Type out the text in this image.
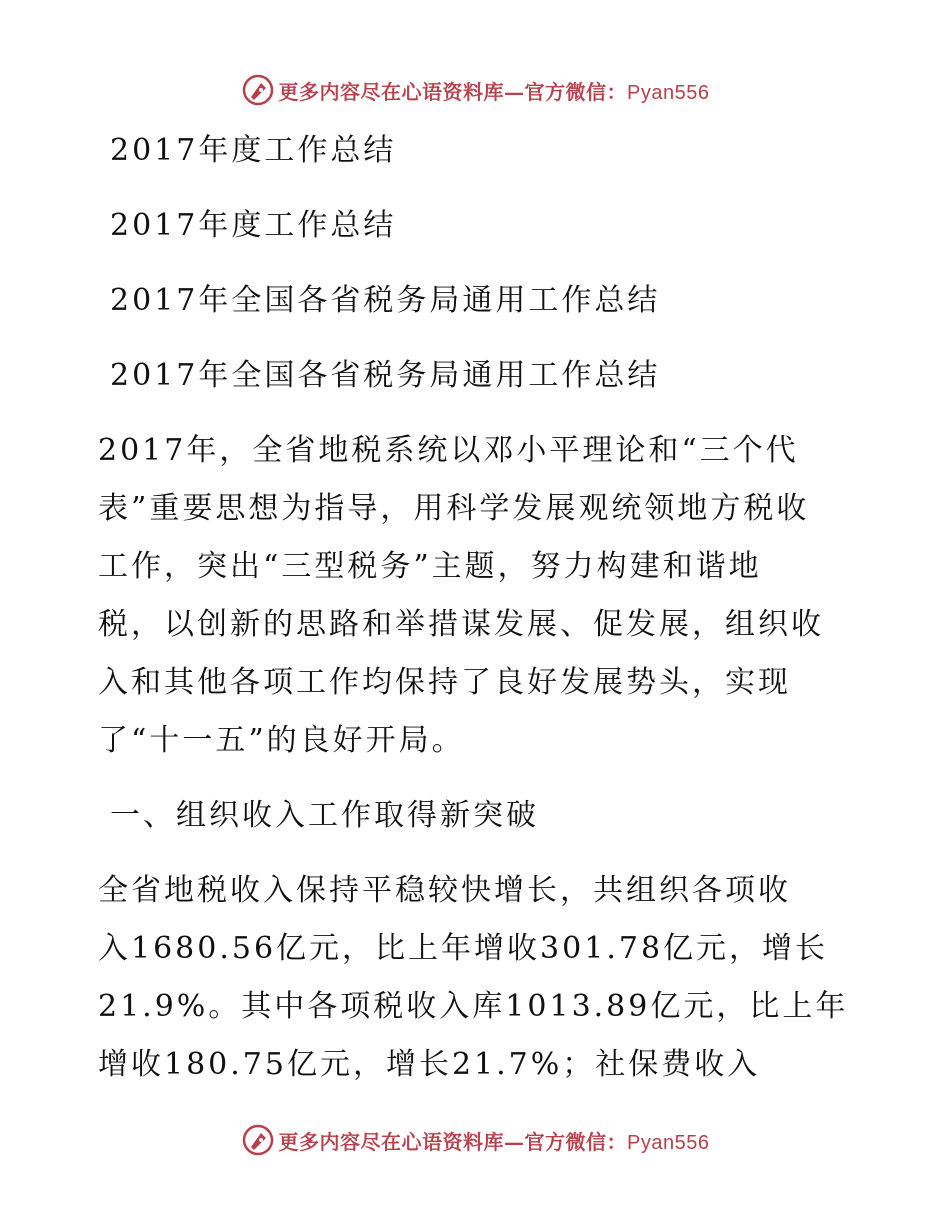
更多内容尽在心语资料库—官方微信：Pyan556
2017年度工作总结
2017年度工作总结
2017年全国各省税务局通用工作总结
2017年全国各省税务局通用工作总结
2017年，全省地税系统以邓小平理论和“三个代
表”重要思想为指导，用科学发展观统领地方税收
工作，突出“三型税务”主题，努力构建和谐地
税，以创新的思路和举措谋发展、促发展，组织收
入和其他各项工作均保持了良好发展势头，实现
了“十一五”的良好开局。
一、组织收入工作取得新突破
全省地税收入保持平稳较快增长，共组织各项收
入1680.56亿元，比上年增收301.78亿元，增长
21.9%。其中各项税收入库1013.89亿元，比上年
增收180.75亿元，增长21.7%；社保费收入
更多内容尽在心语资料库—官方微信：Pyan556
